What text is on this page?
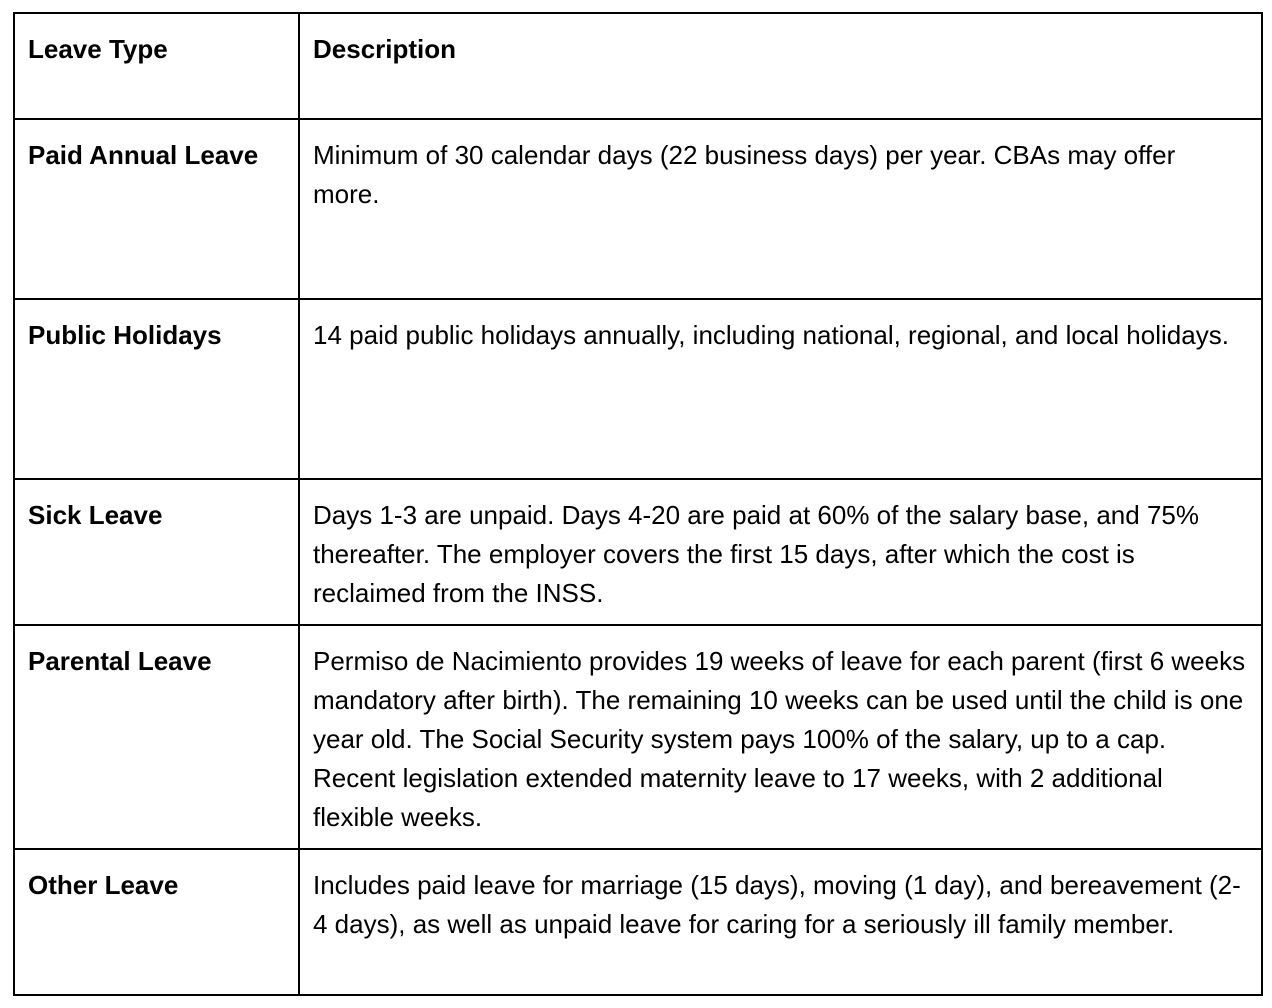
Leave Type	Description
Paid Annual Leave	Minimum of 30 calendar days (22 business days) per year. CBAs may offer more.
Public Holidays	14 paid public holidays annually, including national, regional, and local holidays.
Sick Leave	Days 1-3 are unpaid. Days 4-20 are paid at 60% of the salary base, and 75% thereafter. The employer covers the first 15 days, after which the cost is reclaimed from the INSS.
Parental Leave	Permiso de Nacimiento provides 19 weeks of leave for each parent (first 6 weeks mandatory after birth). The remaining 10 weeks can be used until the child is one year old. The Social Security system pays 100% of the salary, up to a cap. Recent legislation extended maternity leave to 17 weeks, with 2 additional flexible weeks.
Other Leave	Includes paid leave for marriage (15 days), moving (1 day), and bereavement (2-4 days), as well as unpaid leave for caring for a seriously ill family member.
